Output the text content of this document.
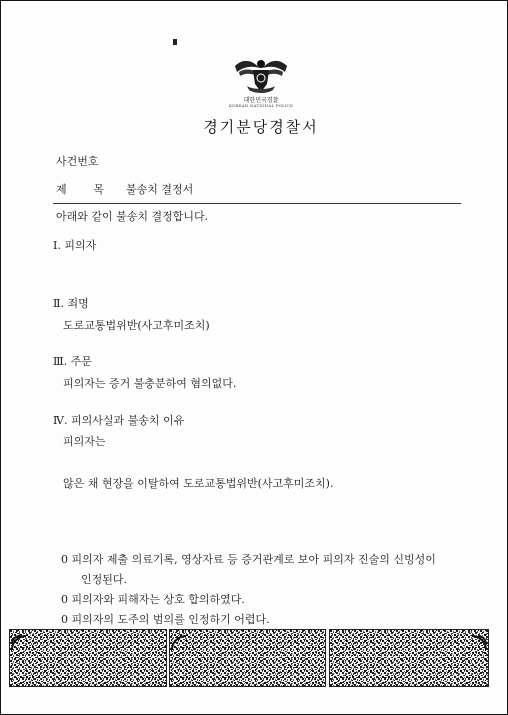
대한민국경찰
KOREAN NATIONAL POLICE
경기분당경찰서
사건번호
제 목 불송치 결정서
아래와 같이 불송치 결정합니다.
Ⅰ. 피의자
Ⅱ. 죄명
도로교통법위반(사고후미조치)
Ⅲ. 주문
피의자는 증거 불충분하여 혐의없다.
Ⅳ. 피의사실과 불송치 이유
피의자는
않은 채 현장을 이탈하여 도로교통법위반(사고후미조치).
0 피의자 제출 의료기록, 영상자료 등 증거관계로 보아 피의자 진술의 신빙성이
인정된다.
0 피의자와 피해자는 상호 합의하였다.
0 피의자의 도주의 범의를 인정하기 어렵다.
